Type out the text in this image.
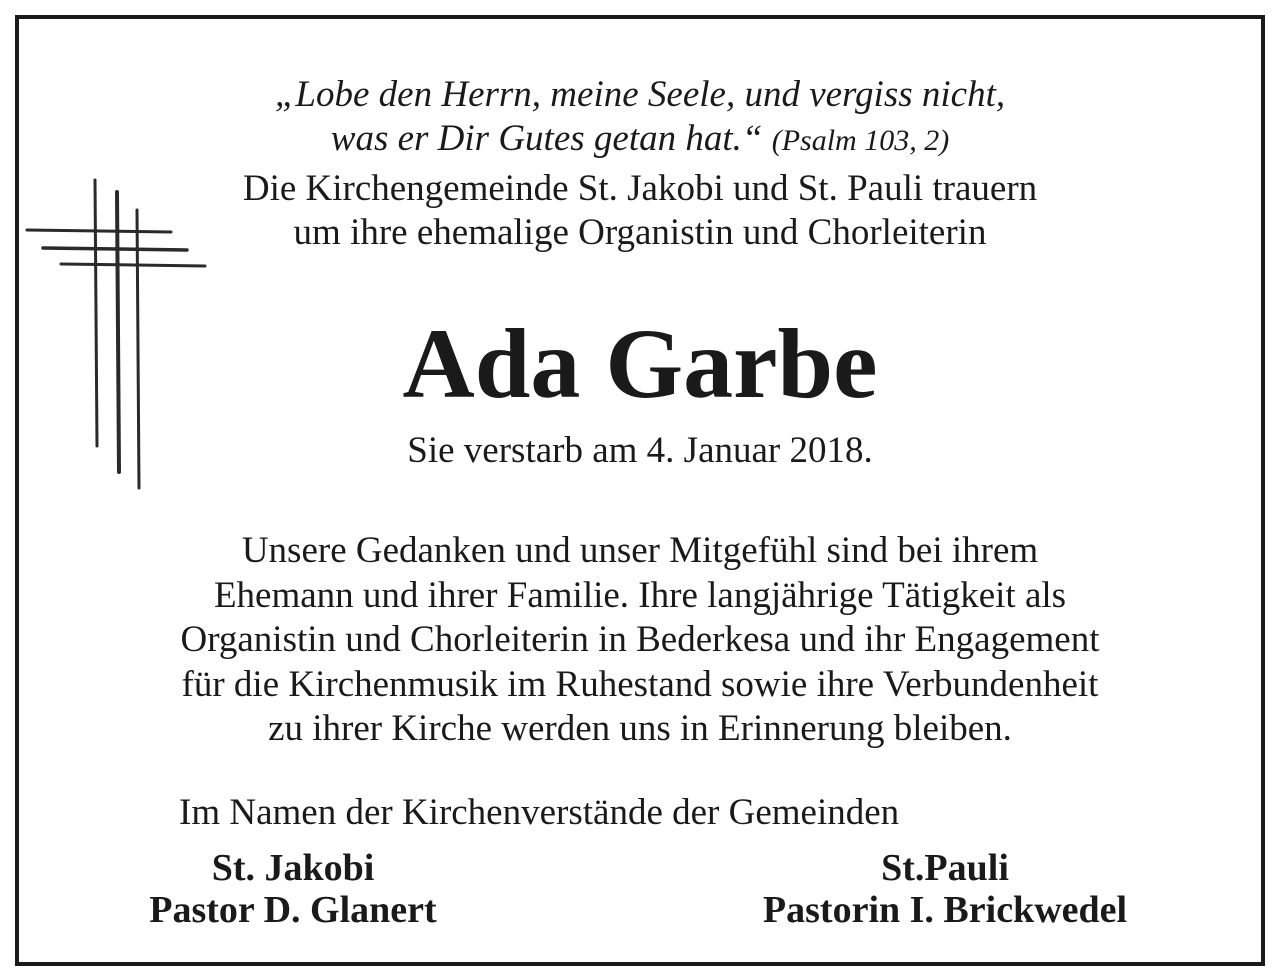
„Lobe den Herrn, meine Seele, und vergiss nicht,
was er Dir Gutes getan hat.“ (Psalm 103, 2)
Die Kirchengemeinde St. Jakobi und St. Pauli trauern
um ihre ehemalige Organistin und Chorleiterin
Ada Garbe
Sie verstarb am 4. Januar 2018.
Unsere Gedanken und unser Mitgefühl sind bei ihrem
Ehemann und ihrer Familie. Ihre langjährige Tätigkeit als
Organistin und Chorleiterin in Bederkesa und ihr Engagement
für die Kirchenmusik im Ruhestand sowie ihre Verbundenheit
zu ihrer Kirche werden uns in Erinnerung bleiben.
Im Namen der Kirchenverstände der Gemeinden
St. Jakobi
Pastor D. Glanert
St.Pauli
Pastorin I. Brickwedel
